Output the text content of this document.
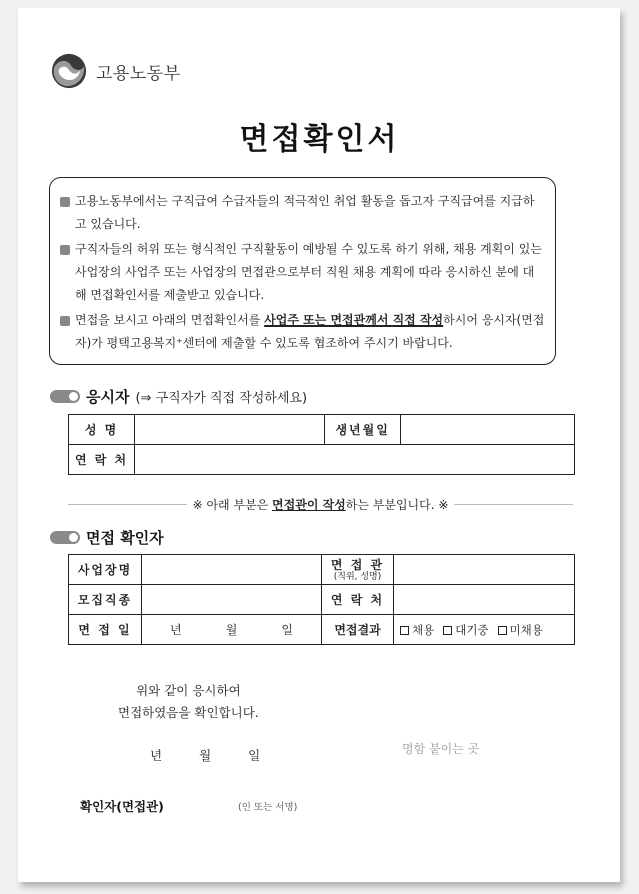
고용노동부
면접확인서
고용노동부에서는 구직급여 수급자들의 적극적인 취업 활동을 돕고자 구직급여를 지급하고 있습니다.
구직자들의 허위 또는 형식적인 구직활동이 예방될 수 있도록 하기 위해, 채용 계획이 있는 사업장의 사업주 또는 사업장의 면접관으로부터 직원 채용 계획에 따라 응시하신 분에 대해 면접확인서를 제출받고 있습니다.
면접을 보시고 아래의 면접확인서를 사업주 또는 면접관께서 직접 작성하시어 응시자(면접자)가 평택고용복지⁺센터에 제출할 수 있도록 협조하여 주시기 바랍니다.
응시자 (⇒ 구직자가 직접 작성하세요)
성 명		생년월일	
연 락 처			
※ 아래 부분은 면접관이 작성하는 부분입니다. ※
면접 확인자
사업장명		면 접 관
(직위, 성명)	

모집직종		연 락 처	
면 접 일	년 월 일	면접결과	채용 대기중 미채용
위와 같이 응시하여
면접하였음을 확인합니다.
년	월	일	명함 붙이는 곳
확인자(면접관)	(인 또는 서명)
